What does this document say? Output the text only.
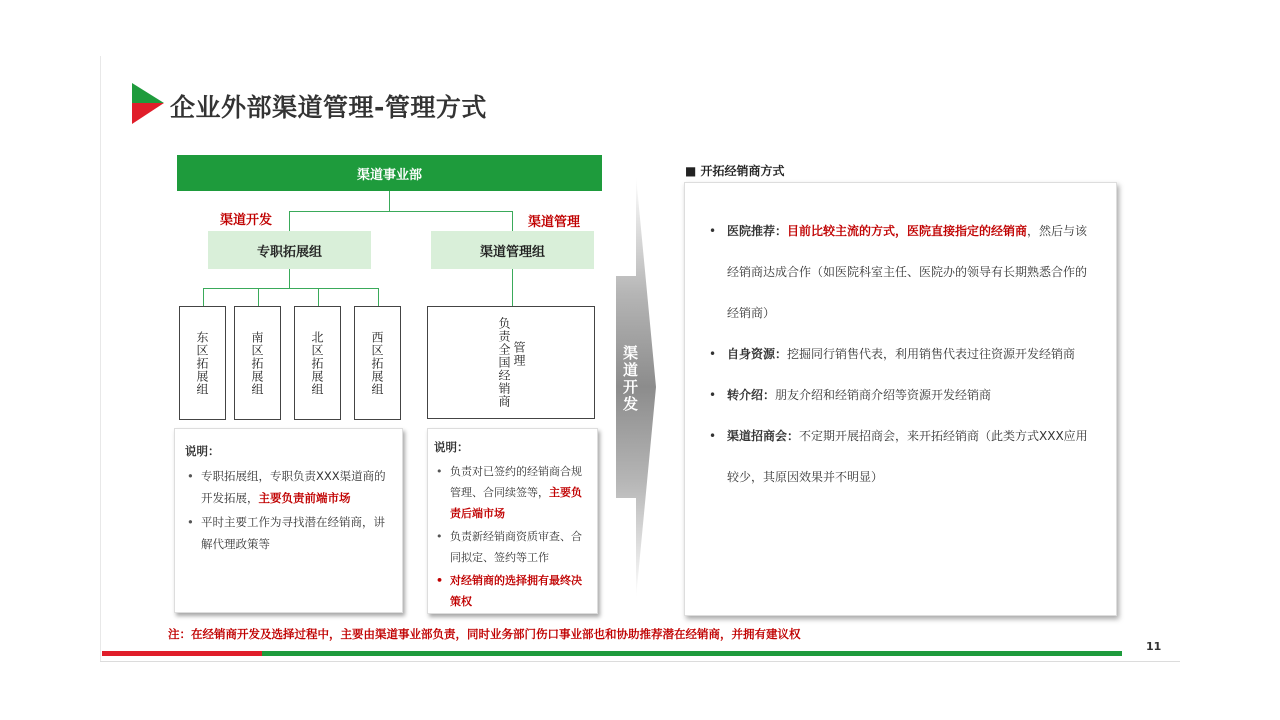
企业外部渠道管理-管理方式
渠道事业部
渠道开发	渠道管理
专职拓展组	渠道管理组
东区拓展组	南区拓展组	北区拓展组	西区拓展组	负责全国经销商 管理
说明：
• 专职拓展组，专职负责XXX渠道商的开发拓展，主要负责前端市场
• 平时主要工作为寻找潜在经销商，讲解代理政策等
说明：
• 负责对已签约的经销商合规管理、合同续签等，主要负责后端市场
• 负责新经销商资质审查、合同拟定、签约等工作
• 对经销商的选择拥有最终决策权
渠道开发
■ 开拓经销商方式
• 医院推荐：目前比较主流的方式，医院直接指定的经销商，然后与该经销商达成合作（如医院科室主任、医院办的领导有长期熟悉合作的经销商）
• 自身资源：挖掘同行销售代表，利用销售代表过往资源开发经销商
• 转介绍：朋友介绍和经销商介绍等资源开发经销商
• 渠道招商会：不定期开展招商会，来开拓经销商（此类方式XXX应用较少，其原因效果并不明显）
注：在经销商开发及选择过程中，主要由渠道事业部负责，同时业务部门伤口事业部也和协助推荐潜在经销商，并拥有建议权
11
